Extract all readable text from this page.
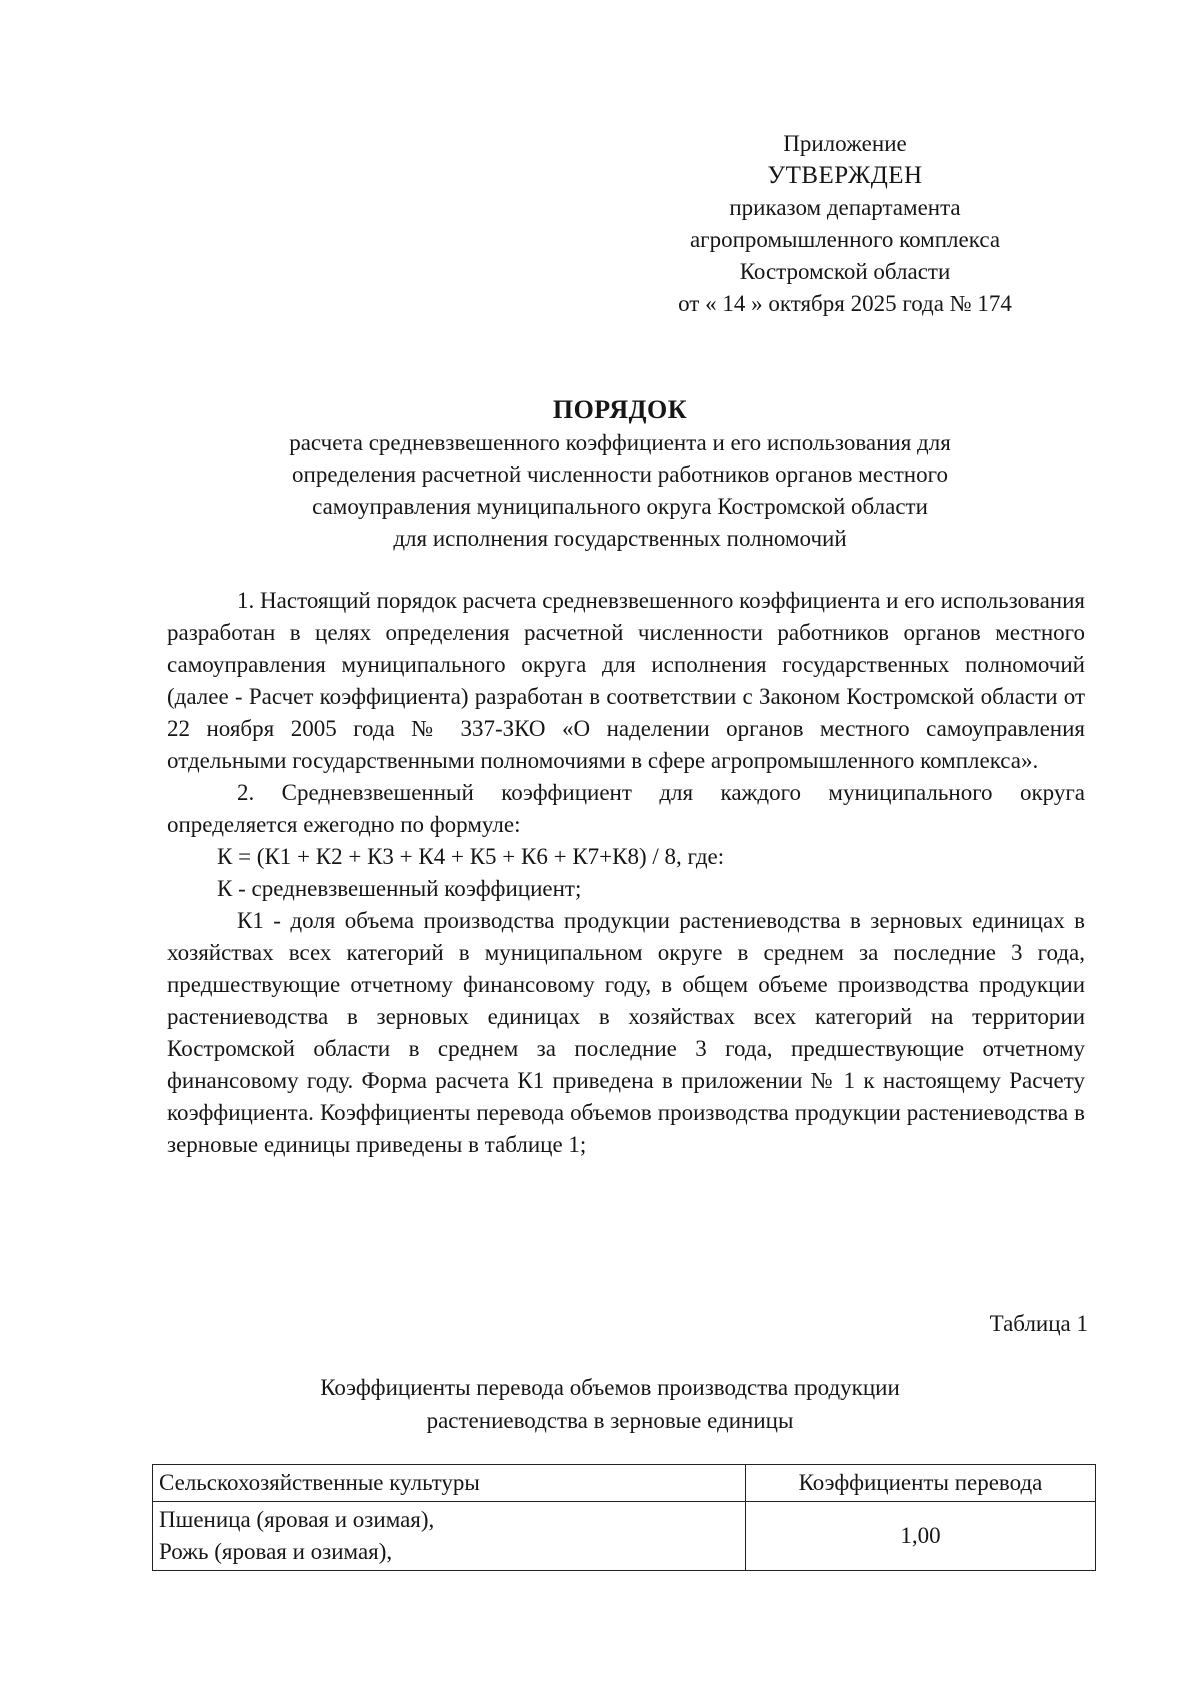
Приложение
УТВЕРЖДЕН
приказом департамента
агропромышленного комплекса
Костромской области
от « 14 » октября 2025 года № 174
ПОРЯДОК
расчета средневзвешенного коэффициента и его использования для
определения расчетной численности работников органов местного
самоуправления муниципального округа Костромской области
для исполнения государственных полномочий

1. Настоящий порядок расчета средневзвешенного коэффициента и его использования разработан в целях определения расчетной численности работников органов местного самоуправления муниципального округа для исполнения государственных полномочий (далее - Расчет коэффициента) разработан в соответствии с Законом Костромской области от 22 ноября 2005 года № 337-ЗКО «О наделении органов местного самоуправления отдельными государственными полномочиями в сфере агропромышленного комплекса».

2. Средневзвешенный коэффициент для каждого муниципального округа определяется ежегодно по формуле:

К = (К1 + К2 + К3 + К4 + К5 + К6 + К7+К8) / 8, где:

К - средневзвешенный коэффициент;

К1 - доля объема производства продукции растениеводства в зерновых единицах в хозяйствах всех категорий в муниципальном округе в среднем за последние 3 года, предшествующие отчетному финансовому году, в общем объеме производства продукции растениеводства в зерновых единицах в хозяйствах всех категорий на территории Костромской области в среднем за последние 3 года, предшествующие отчетному финансовому году. Форма расчета К1 приведена в приложении № 1 к настоящему Расчету коэффициента. Коэффициенты перевода объемов производства продукции растениеводства в зерновые единицы приведены в таблице 1;

Таблица 1
Коэффициенты перевода объемов производства продукции
растениеводства в зерновые единицы
Сельскохозяйственные культуры	Коэффициенты перевода

Пшеница (яровая и озимая),
Рожь (яровая и озимая),	1,00
